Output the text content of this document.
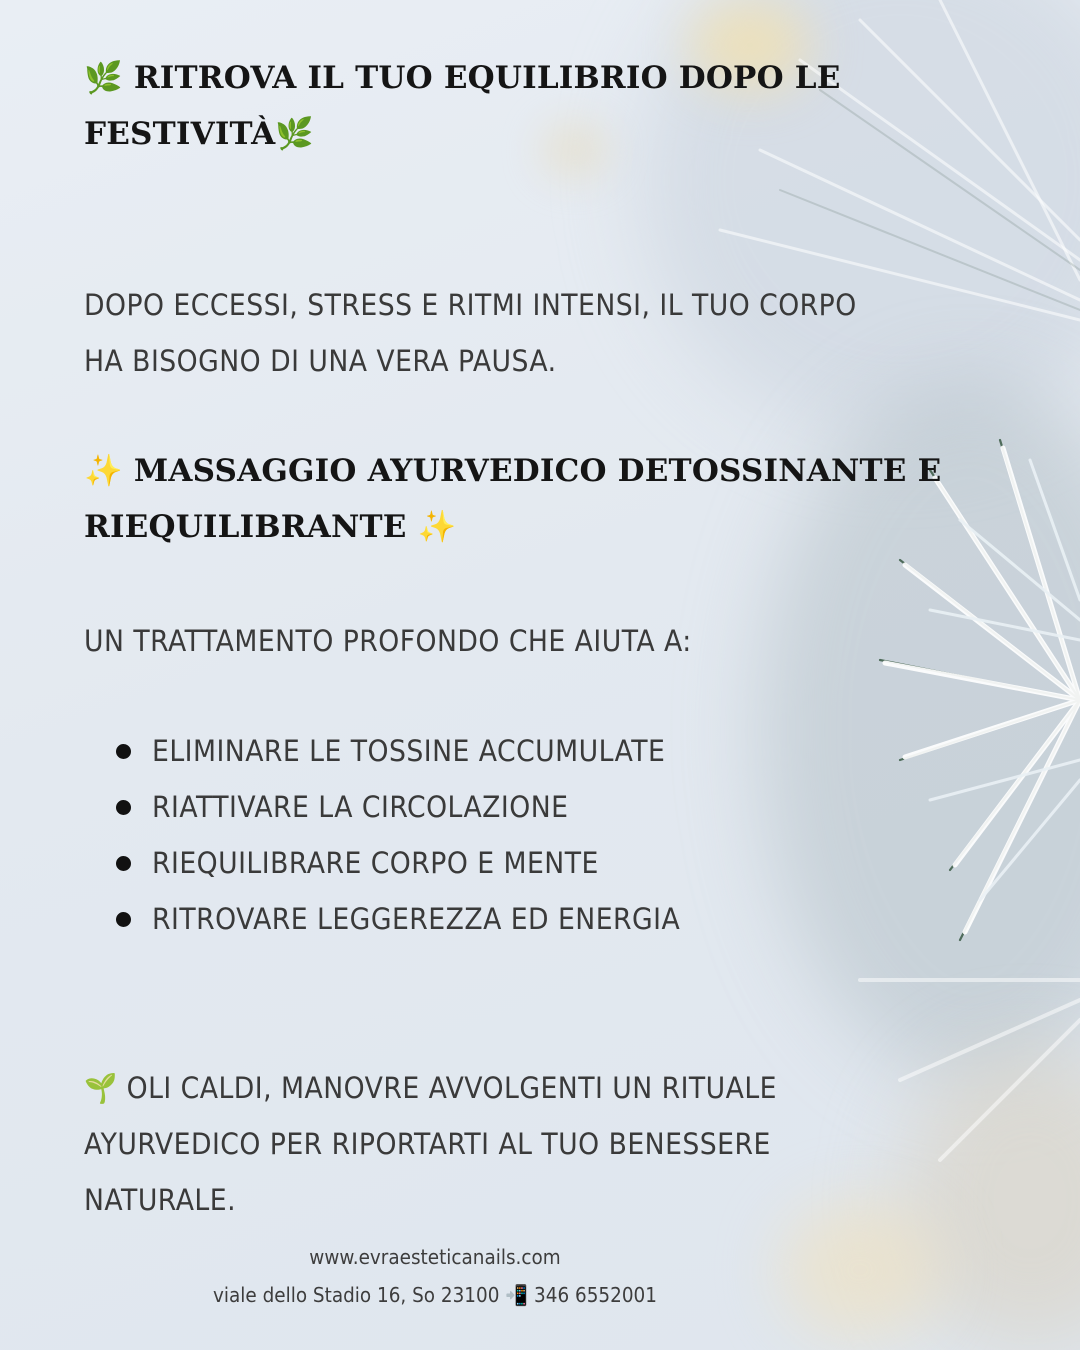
🌿 RITROVA IL TUO EQUILIBRIO DOPO LE FESTIVITÀ🌿

DOPO ECCESSI, STRESS E RITMI INTENSI, IL TUO CORPO HA BISOGNO DI UNA VERA PAUSA.

✨ MASSAGGIO AYURVEDICO DETOSSINANTE E RIEQUILIBRANTE ✨

UN TRATTAMENTO PROFONDO CHE AIUTA A:

ELIMINARE LE TOSSINE ACCUMULATE
RIATTIVARE LA CIRCOLAZIONE
RIEQUILIBRARE CORPO E MENTE
RITROVARE LEGGEREZZA ED ENERGIA

🌱 OLI CALDI, MANOVRE AVVOLGENTI UN RITUALE AYURVEDICO PER RIPORTARTI AL TUO BENESSERE NATURALE.

www.evraesteticanails.com

viale dello Stadio 16, So 23100 📲 346 6552001
